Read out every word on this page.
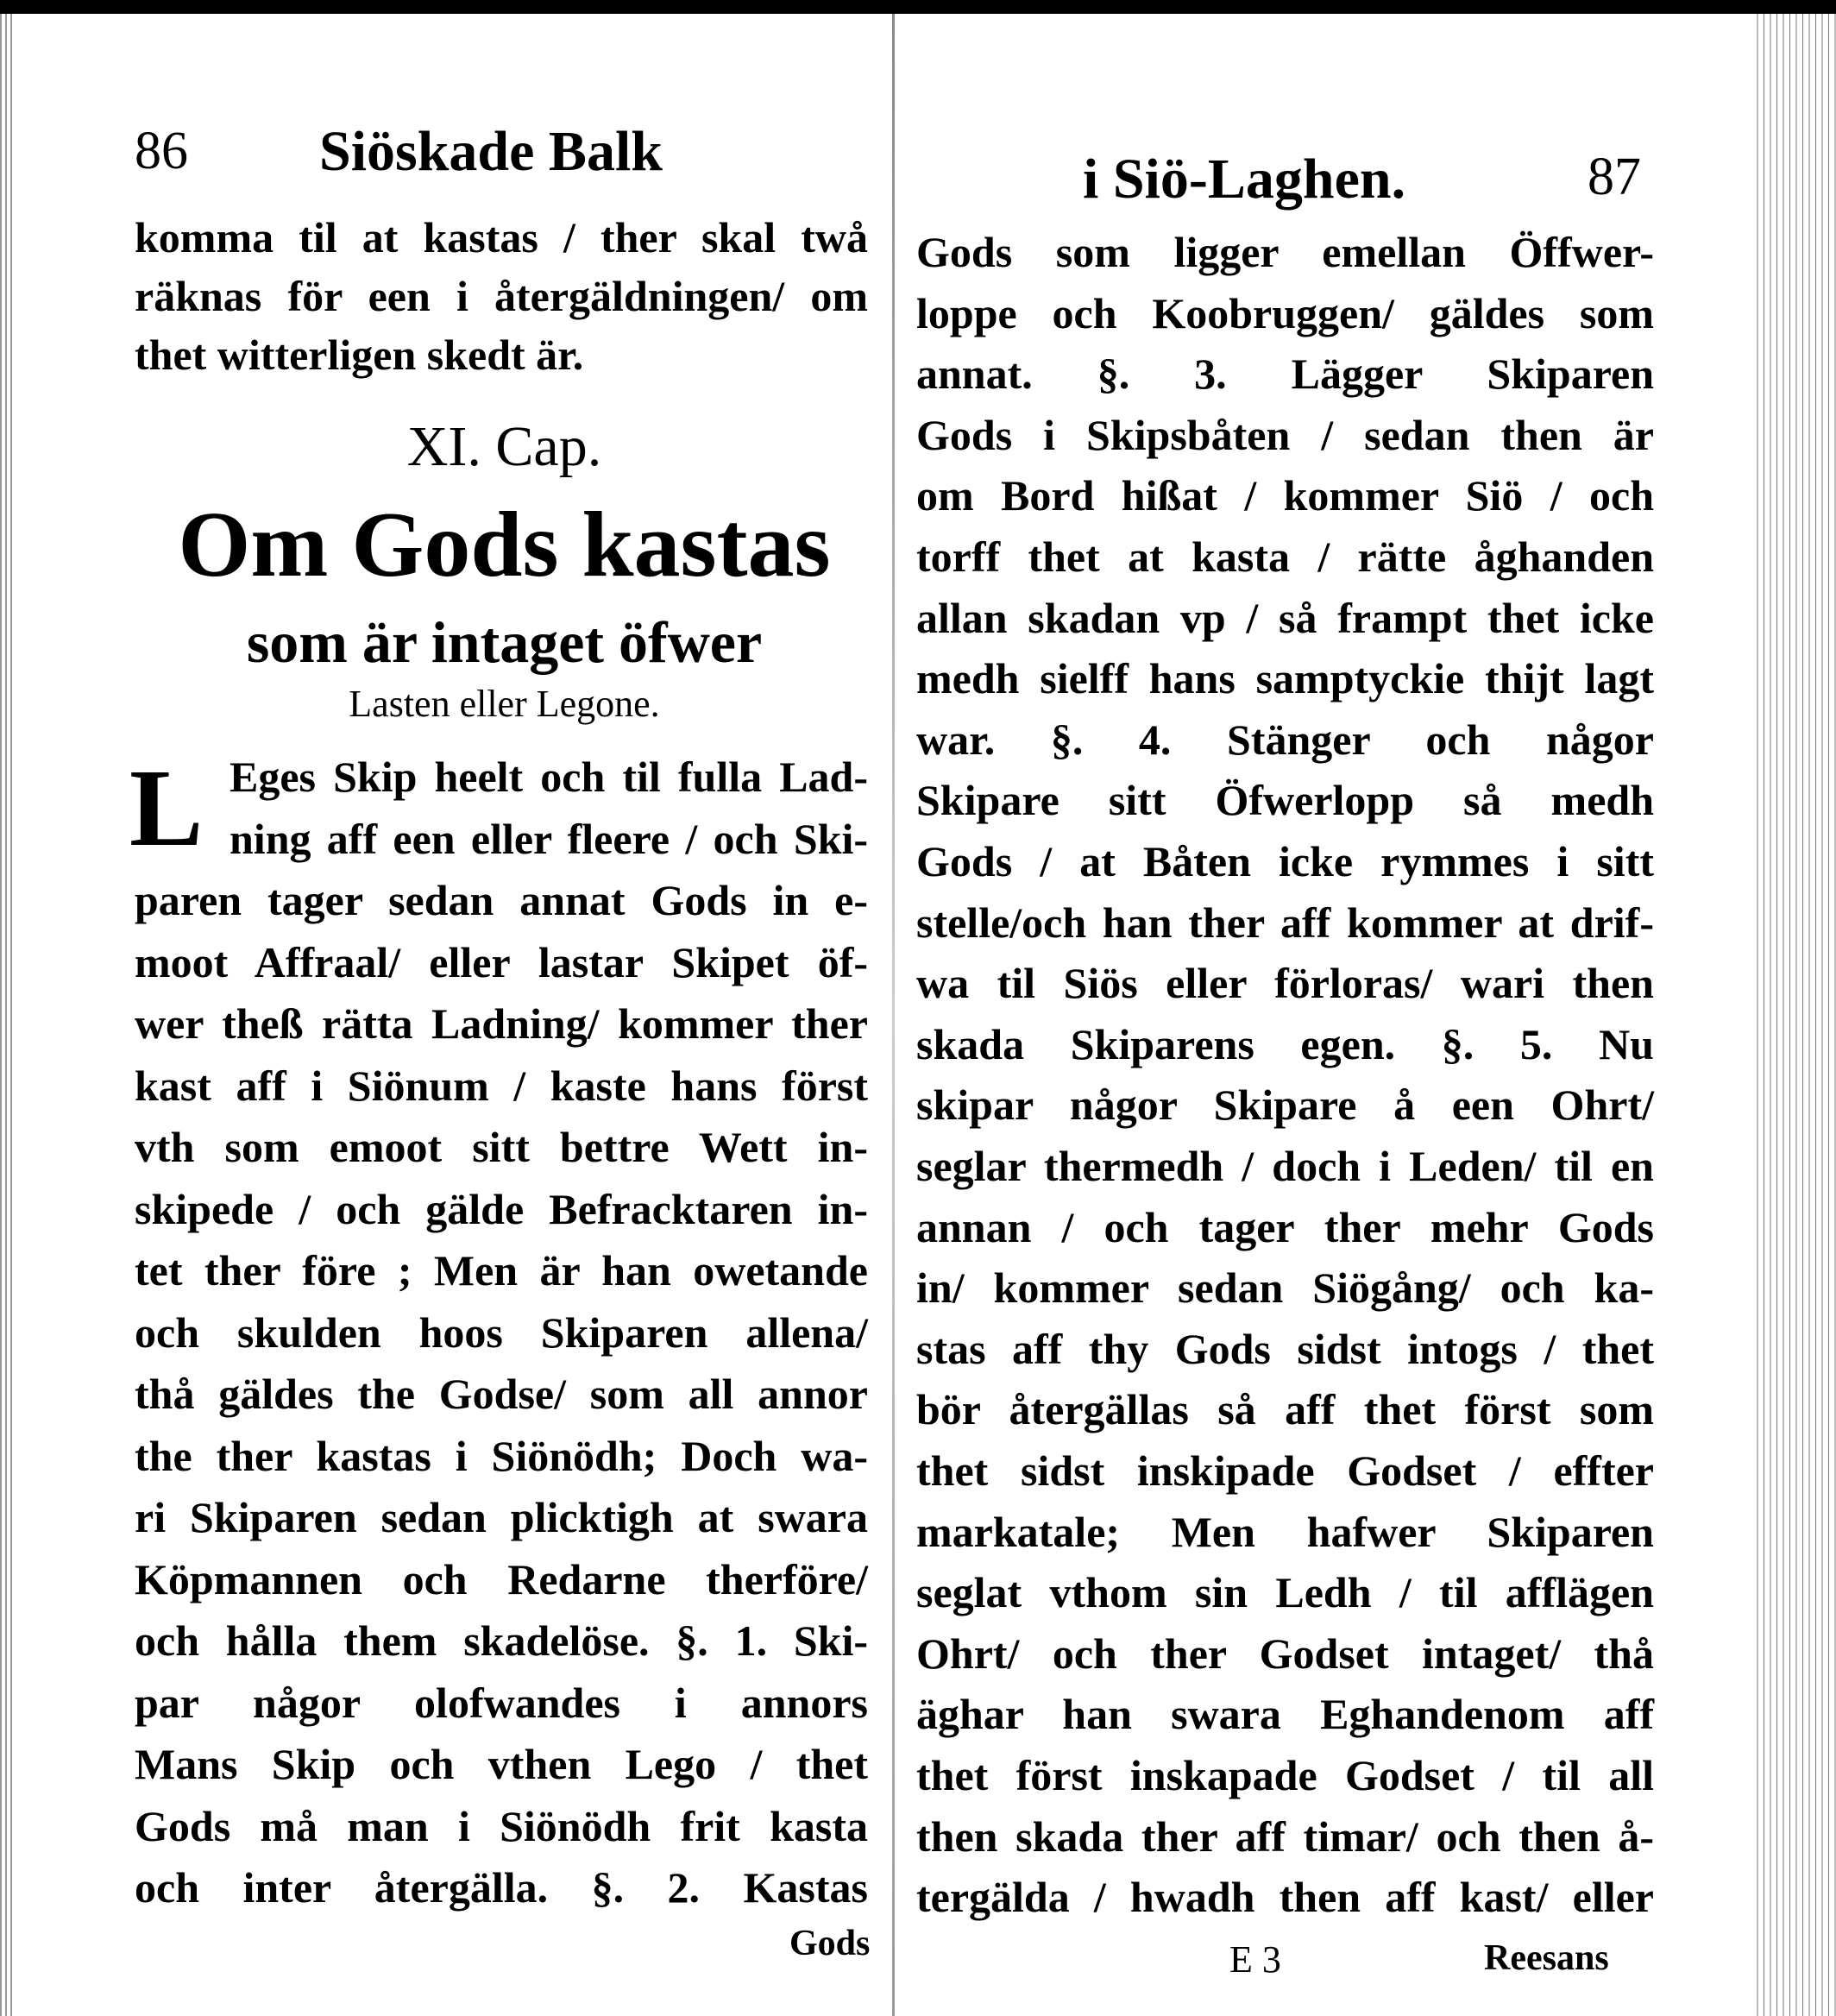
86 Siöskade Balk
komma til at kastas / ther skal twå
räknas för een i återgäldningen/ om
thet witterligen skedt är.
XI. Cap.
Om Gods kastas
som är intaget öfwer
Lasten eller Legone.
L Eges Skip heelt och til fulla Lad-
ning aff een eller fleere / och Ski-
paren tager sedan annat Gods in e-
moot Affraal/ eller lastar Skipet öf-
wer theß rätta Ladning/ kommer ther
kast aff i Siönum / kaste hans först
vth som emoot sitt bettre Wett in-
skipede / och gälde Befracktaren in-
tet ther före ; Men är han owetande
och skulden hoos Skiparen allena/
thå gäldes the Godse/ som all annor
the ther kastas i Siönödh; Doch wa-
ri Skiparen sedan plicktigh at swara
Köpmannen och Redarne therföre/
och hålla them skadelöse. §. 1. Ski-
par någor olofwandes i annors
Mans Skip och vthen Lego / thet
Gods må man i Siönödh frit kasta
och inter återgälla. §. 2. Kastas
Gods
i Siö-Laghen.	87
Gods som ligger emellan Öffwer-
loppe och Koobruggen/ gäldes som
annat. §. 3. Lägger Skiparen
Gods i Skipsbåten / sedan then är
om Bord hißat / kommer Siö / och
torff thet at kasta / rätte åghanden
allan skadan vp / så frampt thet icke
medh sielff hans samptyckie thijt lagt
war. §. 4. Stänger och någor
Skipare sitt Öfwerlopp så medh
Gods / at Båten icke rymmes i sitt
stelle/och han ther aff kommer at drif-
wa til Siös eller förloras/ wari then
skada Skiparens egen. §. 5. Nu
skipar någor Skipare å een Ohrt/
seglar thermedh / doch i Leden/ til en
annan / och tager ther mehr Gods
in/ kommer sedan Siögång/ och ka-
stas aff thy Gods sidst intogs / thet
bör återgällas så aff thet först som
thet sidst inskipade Godset / effter
markatale; Men hafwer Skiparen
seglat vthom sin Ledh / til afflägen
Ohrt/ och ther Godset intaget/ thå
äghar han swara Eghandenom aff
thet först inskapade Godset / til all
then skada ther aff timar/ och then å-
tergälda / hwadh then aff kast/ eller
E 3	Reesans
